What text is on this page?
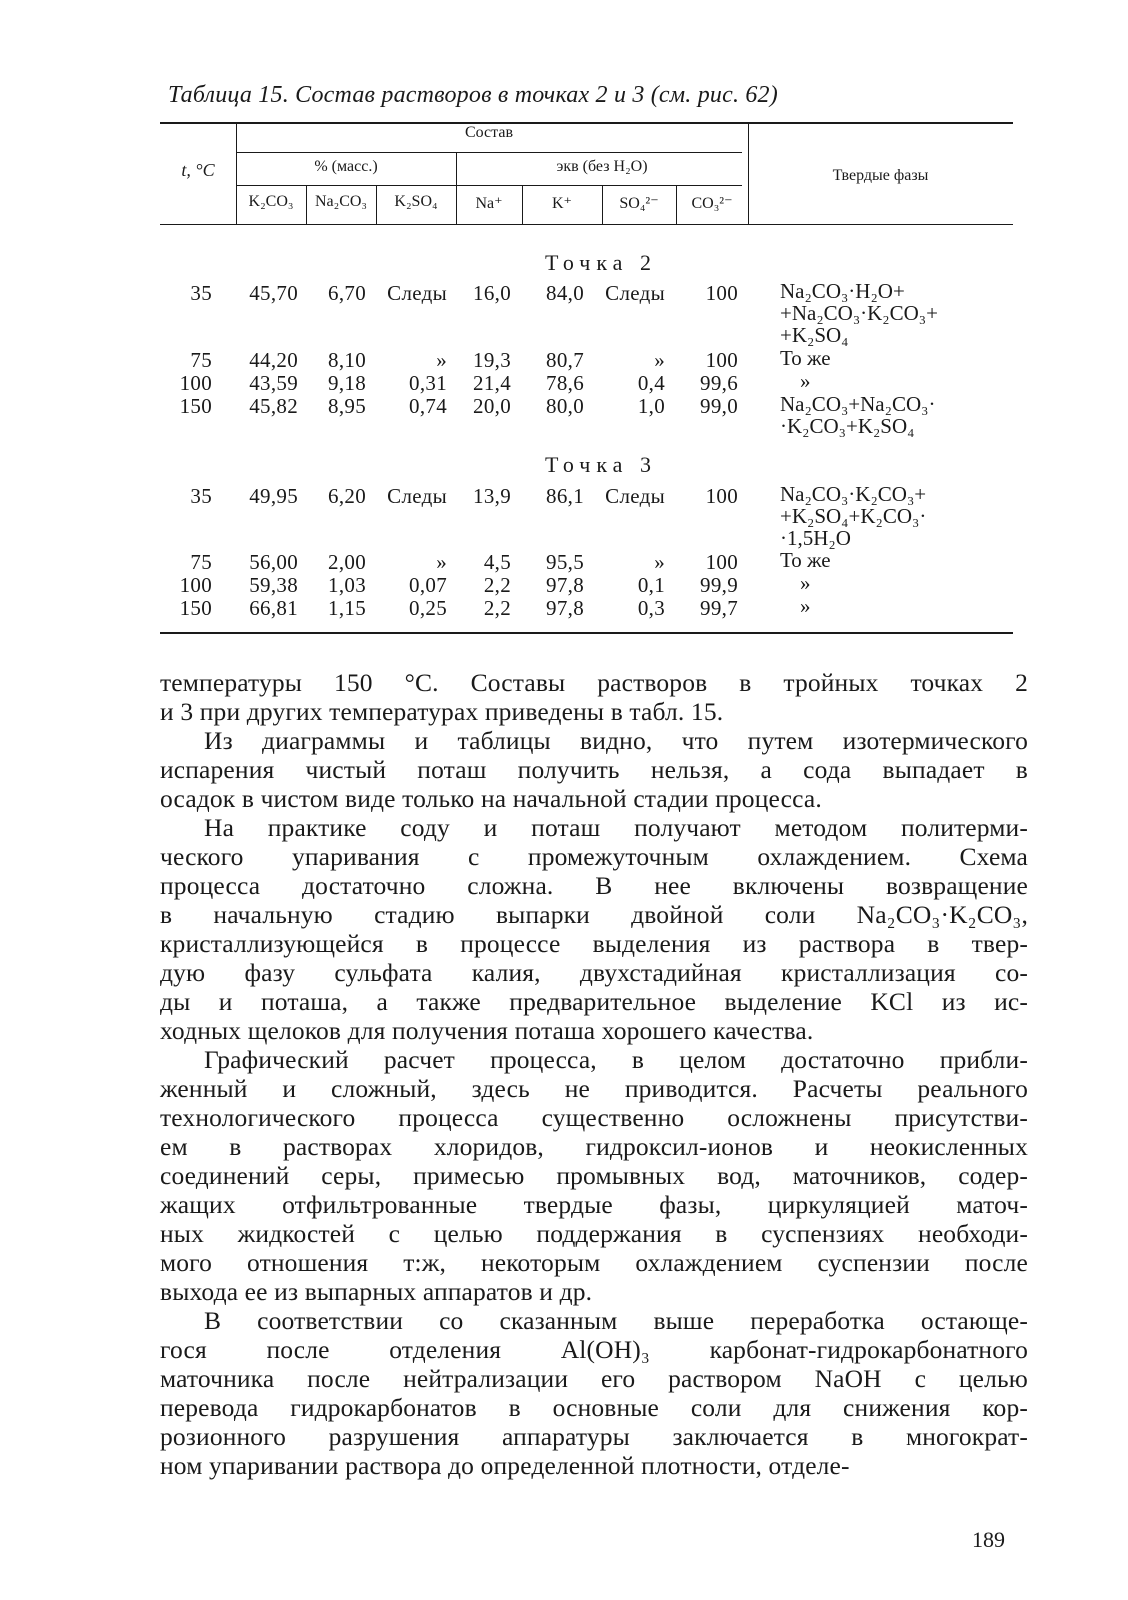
Таблица 15. Состав растворов в точках 2 и 3 (см. рис. 62)
t, °C
Состав
% (масс.)	экв (без H₂O)
Твердые фазы
K₂CO₃	Na₂CO₃	K₂SO₄	Na⁺	K⁺	SO₄²⁻	CO₃²⁻
Точка 2
35	45,70	6,70	Следы	16,0	84,0	Следы	100 Na₂CO₃·H₂O+
+Na₂CO₃·K₂CO₃+
+K₂SO₄
75	44,20	8,10	»	19,3	80,7	»	100 То же
100	43,59	9,18	0,31	21,4	78,6	0,4	99,6	»
150	45,82	8,95	0,74	20,0	80,0	1,0	99,0 Na₂CO₃+Na₂CO₃·
·K₂CO₃+K₂SO₄
Точка 3
35	49,95	6,20	Следы	13,9	86,1	Следы	100 Na₂CO₃·K₂CO₃+
+K₂SO₄+K₂CO₃·
·1,5H₂O
75	56,00	2,00	»	4,5	95,5	»	100 То же
100	59,38	1,03	0,07	2,2	97,8	0,1	99,9	»
150	66,81	1,15	0,25	2,2	97,8	0,3	99,7	»

температуры 150 °C. Составы растворов в тройных точках 2

и 3 при других температурах приведены в табл. 15.

Из диаграммы и таблицы видно, что путем изотермического

испарения чистый поташ получить нельзя, а сода выпадает в

осадок в чистом виде только на начальной стадии процесса.

На практике соду и поташ получают методом политерми-

ческого упаривания с промежуточным охлаждением. Схема

процесса достаточно сложна. В нее включены возвращение

в начальную стадию выпарки двойной соли Na₂CO₃·K₂CO₃,

кристаллизующейся в процессе выделения из раствора в твер-

дую фазу сульфата калия, двухстадийная кристаллизация со-

ды и поташа, а также предварительное выделение KCl из ис-

ходных щелоков для получения поташа хорошего качества.

Графический расчет процесса, в целом достаточно прибли-

женный и сложный, здесь не приводится. Расчеты реального

технологического процесса существенно осложнены присутстви-

ем в растворах хлоридов, гидроксил-ионов и неокисленных

соединений серы, примесью промывных вод, маточников, содер-

жащих отфильтрованные твердые фазы, циркуляцией маточ-

ных жидкостей с целью поддержания в суспензиях необходи-

мого отношения т:ж, некоторым охлаждением суспензии после

выхода ее из выпарных аппаратов и др.

В соответствии со сказанным выше переработка остающе-

гося после отделения Al(OH)₃ карбонат-гидрокарбонатного

маточника после нейтрализации его раствором NaOH с целью

перевода гидрокарбонатов в основные соли для снижения кор-

розионного разрушения аппаратуры заключается в многократ-

ном упаривании раствора до определенной плотности, отделе-

189
